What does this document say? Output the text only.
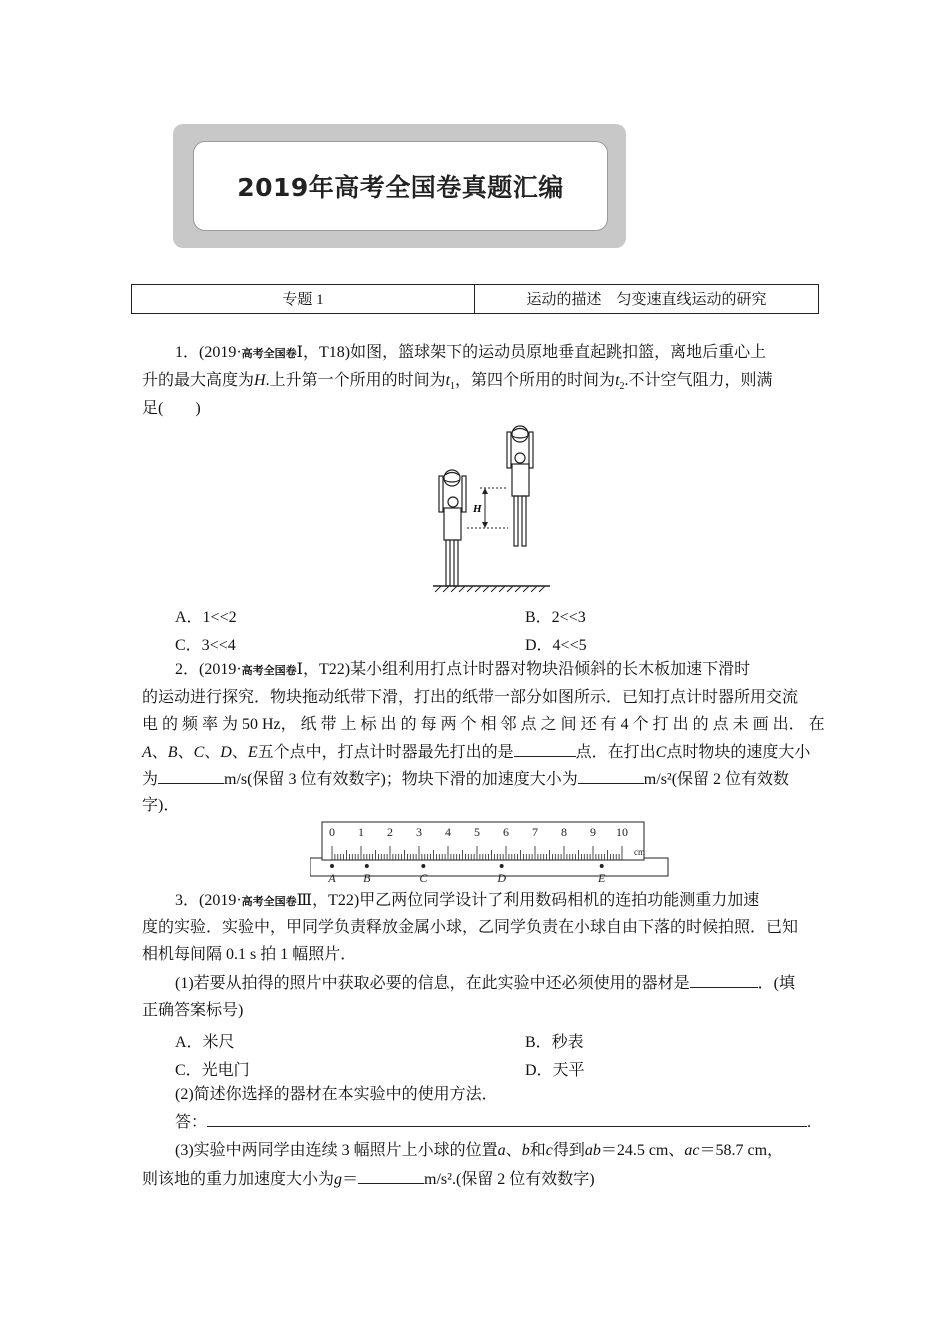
2019年高考全国卷真题汇编
专题 1	运动的描述　匀变速直线运动的研究
1．(2019·高考全国卷Ⅰ，T18)如图，篮球架下的运动员原地垂直起跳扣篮，离地后重心上
升的最大高度为H.上升第一个所用的时间为$t_1$，第四个所用的时间为$t_2$.不计空气阻力，则满
足(　　)
H
A．1<<2	B．2<<3
C．3<<4	D．4<<5
2．(2019·高考全国卷Ⅰ，T22)某小组利用打点计时器对物块沿倾斜的长木板加速下滑时
的运动进行探究．物块拖动纸带下滑，打出的纸带一部分如图所示．已知打点计时器所用交流
电 的 频 率 为 50 Hz， 纸 带 上 标 出 的 每 两 个 相 邻 点 之 间 还 有 4 个 打 出 的 点 未 画 出． 在
A、B、C、D、E五个点中，打点计时器最先打出的是	点．在打出C点时物块的速度大小
为	m/s(保留 3 位有效数字)；物块下滑的加速度大小为	m/s²(保留 2 位有效数
字)．
0 1 2 3 4 5 6 7 8 9 10
cm
A B	C	D	E
3．(2019·高考全国卷Ⅲ，T22)甲乙两位同学设计了利用数码相机的连拍功能测重力加速
度的实验．实验中，甲同学负责释放金属小球，乙同学负责在小球自由下落的时候拍照．已知
相机每间隔 0.1 s 拍 1 幅照片．
(1)若要从拍得的照片中获取必要的信息，在此实验中还必须使用的器材是	．(填
正确答案标号)
A．米尺	B．秒表
C．光电门	D．天平
(2)简述你选择的器材在本实验中的使用方法．
答：	.
(3)实验中两同学由连续 3 幅照片上小球的位置a、b和c得到ab＝24.5 cm、ac＝58.7 cm，
则该地的重力加速度大小为g＝	m/s².(保留 2 位有效数字)
